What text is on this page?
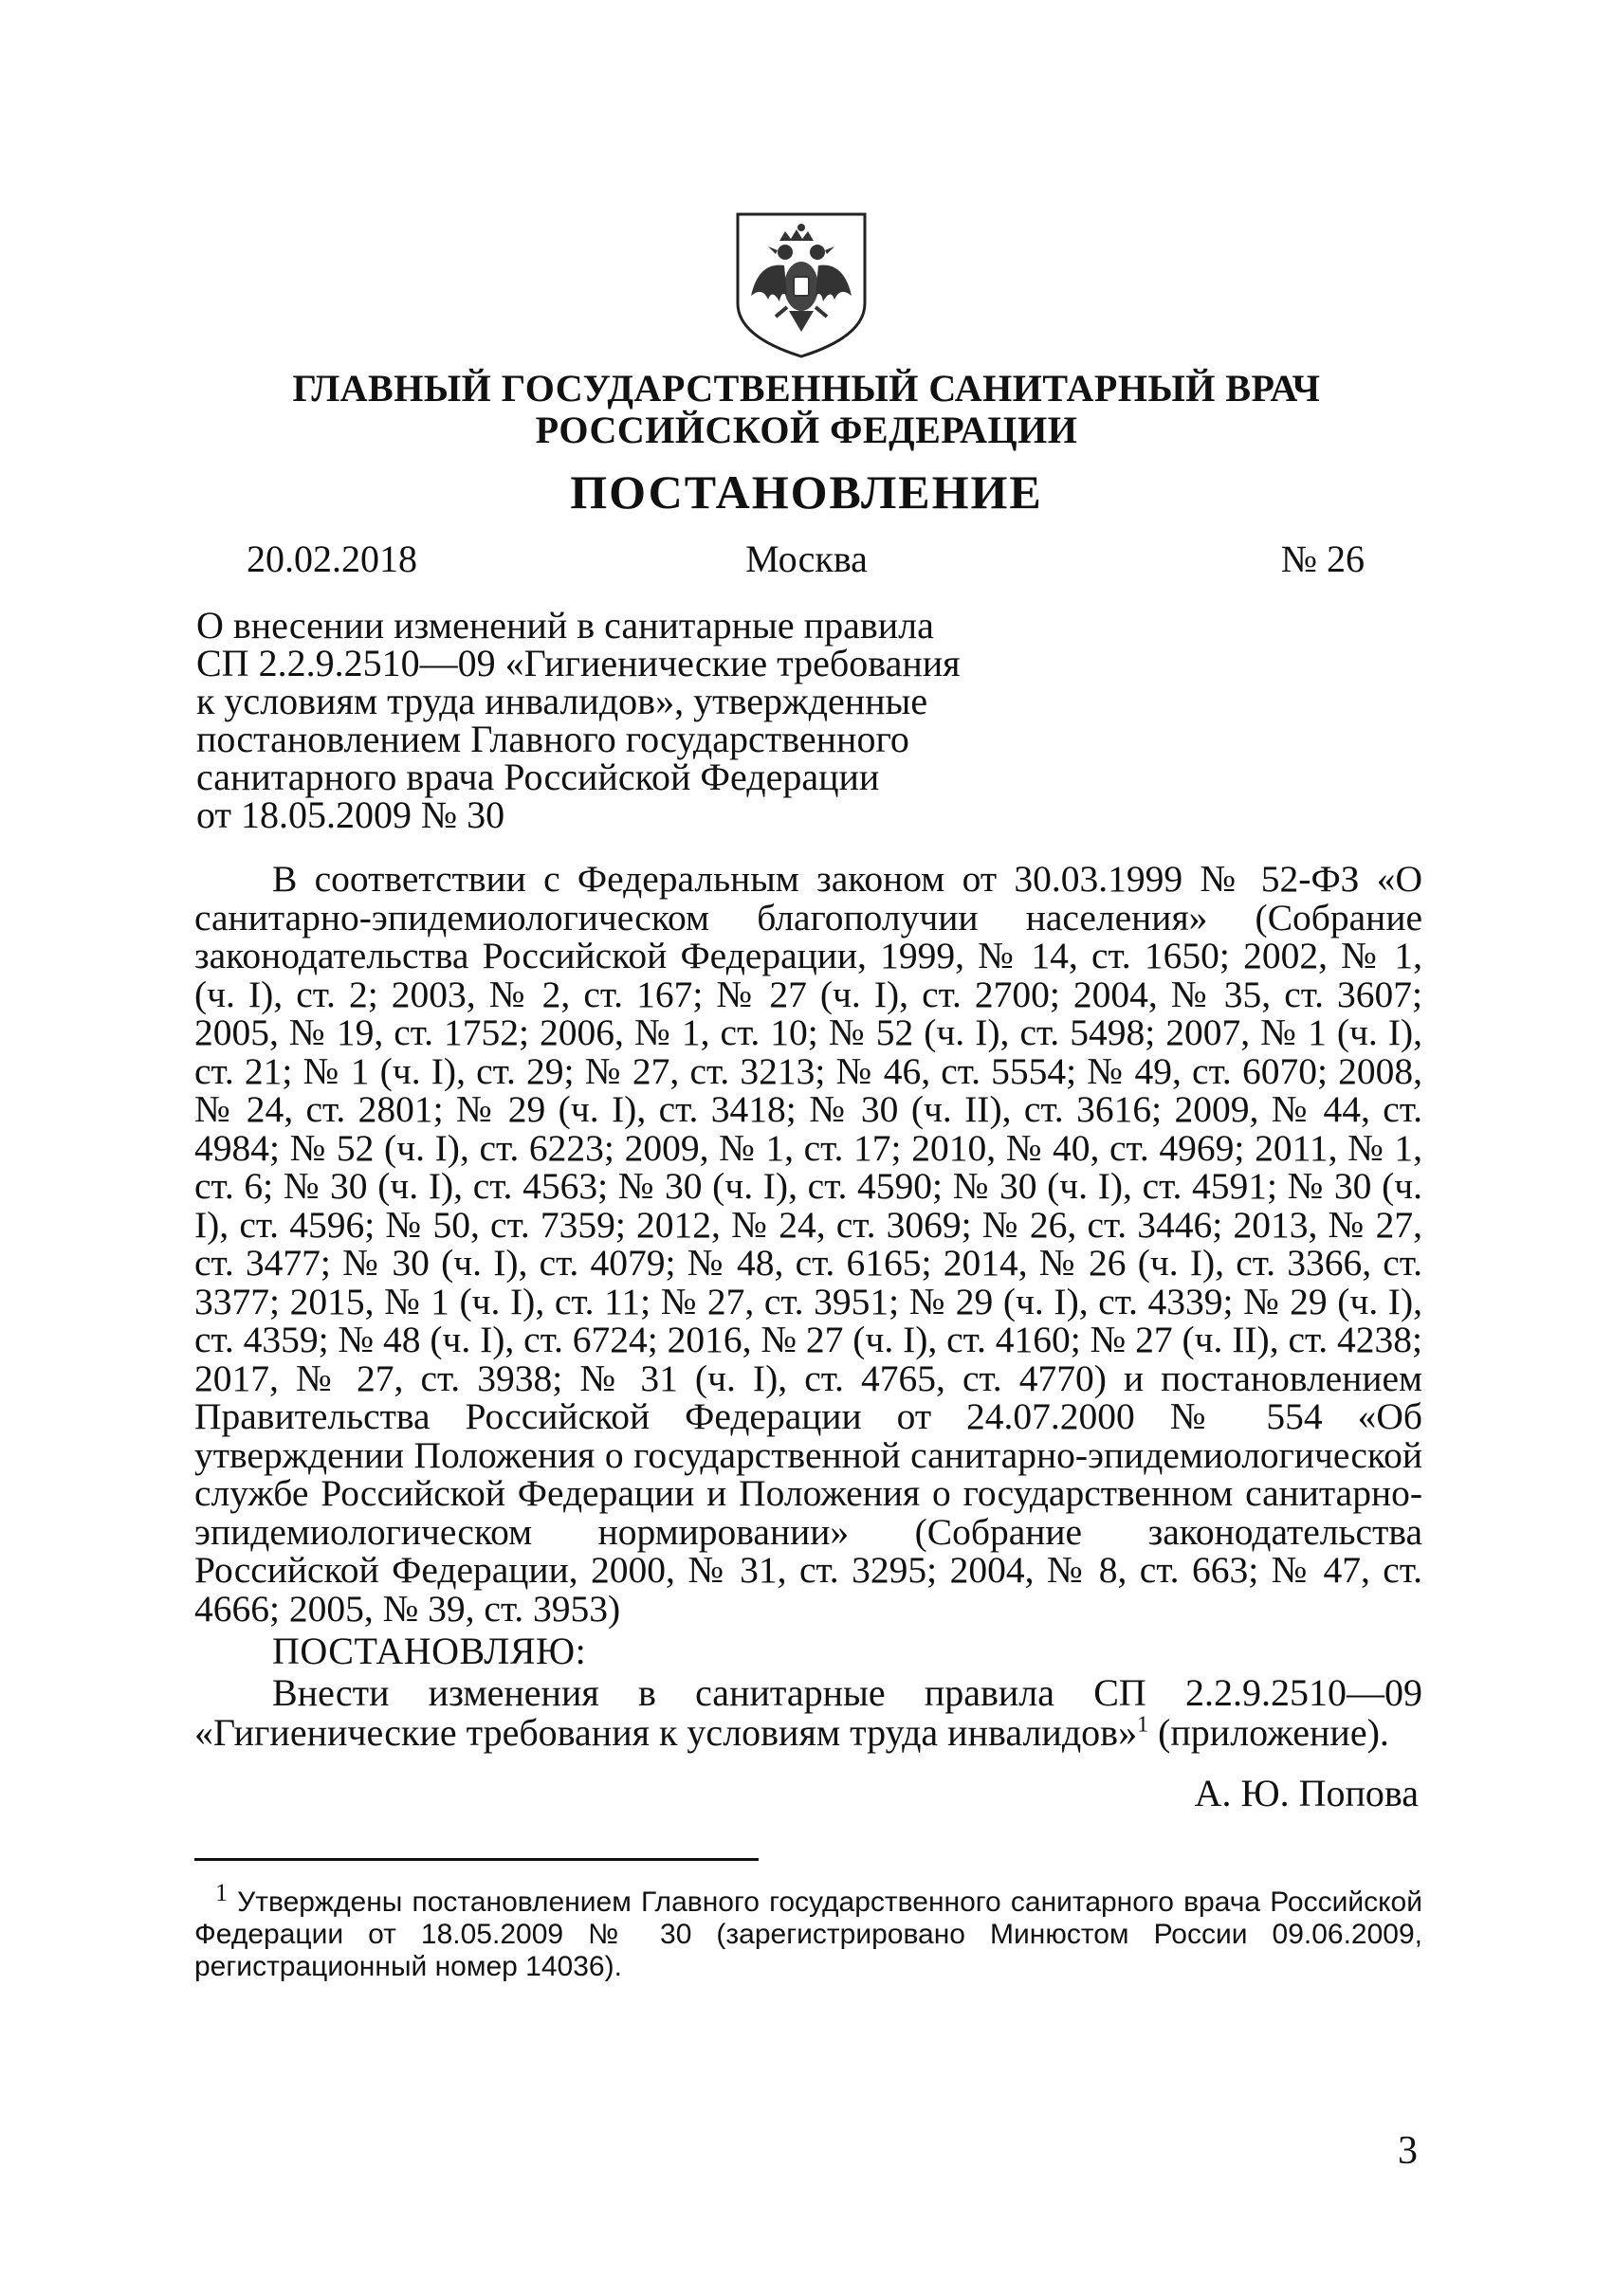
ГЛАВНЫЙ ГОСУДАРСТВЕННЫЙ САНИТАРНЫЙ ВРАЧ
РОССИЙСКОЙ ФЕДЕРАЦИИ
ПОСТАНОВЛЕНИЕ
20.02.2018	Москва	№ 26
О внесении изменений в санитарные правила
СП 2.2.9.2510—09 «Гигиенические требования
к условиям труда инвалидов», утвержденные
постановлением Главного государственного
санитарного врача Российской Федерации
от 18.05.2009 № 30
В соответствии с Федеральным законом от 30.03.1999 № 52-ФЗ «О санитарно-эпидемиологическом благополучии населения» (Собрание законодательства Российской Федерации, 1999, № 14, ст. 1650; 2002, № 1, (ч. I), ст. 2; 2003, № 2, ст. 167; № 27 (ч. I), ст. 2700; 2004, № 35, ст. 3607; 2005, № 19, ст. 1752; 2006, № 1, ст. 10; № 52 (ч. I), ст. 5498; 2007, № 1 (ч. I), ст. 21; № 1 (ч. I), ст. 29; № 27, ст. 3213; № 46, ст. 5554; № 49, ст. 6070; 2008, № 24, ст. 2801; № 29 (ч. I), ст. 3418; № 30 (ч. II), ст. 3616; 2009, № 44, ст. 4984; № 52 (ч. I), ст. 6223; 2009, № 1, ст. 17; 2010, № 40, ст. 4969; 2011, № 1, ст. 6; № 30 (ч. I), ст. 4563; № 30 (ч. I), ст. 4590; № 30 (ч. I), ст. 4591; № 30 (ч. I), ст. 4596; № 50, ст. 7359; 2012, № 24, ст. 3069; № 26, ст. 3446; 2013, № 27, ст. 3477; № 30 (ч. I), ст. 4079; № 48, ст. 6165; 2014, № 26 (ч. I), ст. 3366, ст. 3377; 2015, № 1 (ч. I), ст. 11; № 27, ст. 3951; № 29 (ч. I), ст. 4339; № 29 (ч. I), ст. 4359; № 48 (ч. I), ст. 6724; 2016, № 27 (ч. I), ст. 4160; № 27 (ч. II), ст. 4238; 2017, № 27, ст. 3938; № 31 (ч. I), ст. 4765, ст. 4770) и постановлением Правительства Российской Федерации от 24.07.2000 № 554 «Об утверждении Положения о государственной санитарно-эпидемиологической службе Российской Федерации и Положения о государственном санитарно-эпидемиологическом нормировании» (Собрание законодательства Российской Федерации, 2000, № 31, ст. 3295; 2004, № 8, ст. 663; № 47, ст. 4666; 2005, № 39, ст. 3953)
ПОСТАНОВЛЯЮ:
Внести изменения в санитарные правила СП 2.2.9.2510—09 «Гигиенические требования к условиям труда инвалидов»$^1$ (приложение).
А. Ю. Попова
$^1$ Утверждены постановлением Главного государственного санитарного врача Российской Федерации от 18.05.2009 № 30 (зарегистрировано Минюстом России 09.06.2009, регистрационный номер 14036).
3
